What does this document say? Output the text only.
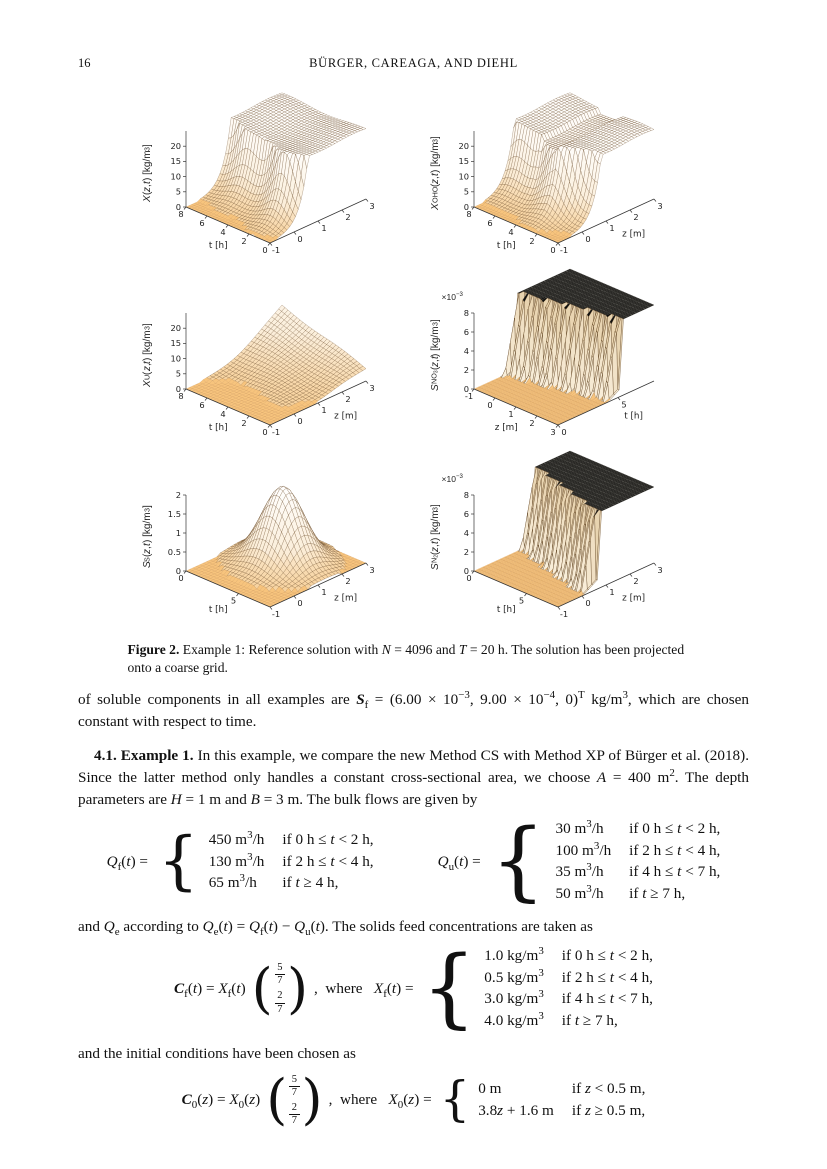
16	BÜRGER, CAREAGA, AND DIEHL
X
(
z
,
t
) [kg/m
3
]
X
OHO
(
z
,
t
) [kg/m
3
]
X
U
(
z
,
t
) [kg/m
3
]
S
$NO_3$
(
z
,
t
) [kg/m
3
]
$\times 10^{-3}$
S
S
(
z
,
t
) [kg/m
3
]
S
$N_2$
(
z
,
t
) [kg/m
3
]
$\times 10^{-3}$

Figure 2. Example 1: Reference solution with N = 4096 and T = 20 h. The solution has been projected onto a coarse grid.

of soluble components in all examples are $S_f = (6.00 \times 10^{-3}$, $9.00 \times 10^{-4}$, 0)$^T$ $kg/m^3$, which are chosen constant with respect to time.

4.1. Example 1. In this example, we compare the new Method CS with Method XP of Bürger et al. (2018). Since the latter method only handles a constant cross-sectional area, we choose A = 400 $m^2$. The depth parameters are H = 1 m and B = 3 m. The bulk flows are given by

$Q_f(t)$ = { 450 $m^3/h$ if 0 h ≤ t < 2 h,
130 $m^3/h$ if 2 h ≤ t < 4 h,
65 $m^3/h$	if t ≥ 4 h,
$Q_u(t)$ = { 30 $m^3/h$	if 0 h ≤ t < 2 h,
100 $m^3/h$ if 2 h ≤ t < 4 h,
35 $m^3/h$	if 4 h ≤ t < 7 h,
50 $m^3/h$	if t ≥ 7 h,

and $Q_e$ according to $Q_e(t) = Q_f(t) - Q_u(t)$. The solids feed concentrations are taken as

$C_f(t) = X_f(t)$ ( $\frac{5}{7}$
$\frac{2}{7}$ ) , where  $X_f(t)$ = { 1.0 $kg/m^3$ if 0 h ≤ t < 2 h,
0.5 $kg/m^3$ if 2 h ≤ t < 4 h,
3.0 $kg/m^3$ if 4 h ≤ t < 7 h,
4.0 $kg/m^3$ if t ≥ 7 h,

and the initial conditions have been chosen as

$C_0(z) = X_0(z)$ ( $\frac{5}{7}$
$\frac{2}{7}$ ) , where  $X_0(z)$ = { 0 m	if z < 0.5 m,
3.8z + 1.6 m if z ≥ 0.5 m,
